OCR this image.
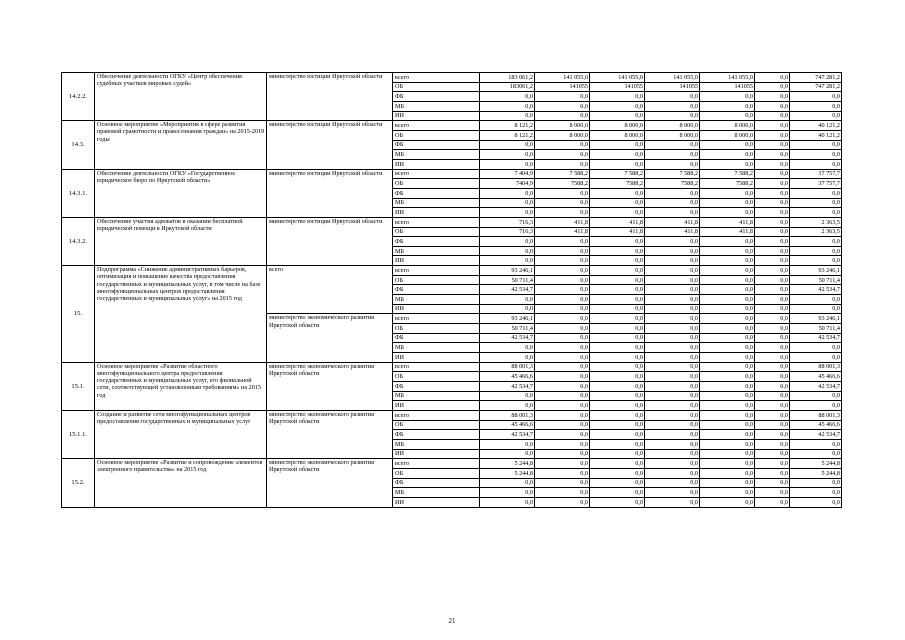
14.2.2.	Обеспечение деятельности ОГКУ «Центр обеспечения судебных участков мировых судей»	министерство юстиции Иркутской области	всего	183 061,2	141 055,0	141 055,0	141 055,0	141 055,0	0,0	747 281,2
			ОБ	183061,2	141055	141055	141055	141055	0,0	747 281,2
			ФБ	0,0	0,0	0,0	0,0	0,0	0,0	0,0
			МБ	0,0	0,0	0,0	0,0	0,0	0,0	0,0
			ИИ	0,0	0,0	0,0	0,0	0,0	0,0	0,0
14.3.	Основное мероприятие «Мероприятия в сфере развития правовой грамотности и правосознания граждан» на 2015-2019 годы	министерство юстиции Иркутской области	всего	8 121,2	8 000,0	8 000,0	8 000,0	8 000,0	0,0	40 121,2
			ОБ	8 121,2	8 000,0	8 000,0	8 000,0	8 000,0	0,0	40 121,2
			ФБ	0,0	0,0	0,0	0,0	0,0	0,0	0,0
			МБ	0,0	0,0	0,0	0,0	0,0	0,0	0,0
			ИИ	0,0	0,0	0,0	0,0	0,0	0,0	0,0
14.3.1.	Обеспечение деятельности ОГКУ «Государственное юридическое бюро по Иркутской области»	министерство юстиции Иркутской области	всего	7 404,9	7 588,2	7 588,2	7 588,2	7 588,2	0,0	37 757,7
			ОБ	7404,9	7588,2	7588,2	7588,2	7588,2	0,0	37 757,7
			ФБ	0,0	0,0	0,0	0,0	0,0	0,0	0,0
			МБ	0,0	0,0	0,0	0,0	0,0	0,0	0,0
			ИИ	0,0	0,0	0,0	0,0	0,0	0,0	0,0
14.3.2.	Обеспечение участия адвокатов в оказании бесплатной юридической помощи в Иркутской области	министерство юстиции Иркутской области	всего	716,3	411,8	411,8	411,8	411,8	0,0	2 363,5
			ОБ	716,3	411,8	411,8	411,8	411,8	0,0	2 363,5
			ФБ	0,0	0,0	0,0	0,0	0,0	0,0	0,0
			МБ	0,0	0,0	0,0	0,0	0,0	0,0	0,0
			ИИ	0,0	0,0	0,0	0,0	0,0	0,0	0,0
15.	Подпрограмма «Снижение административных барьеров, оптимизация и повышение качества предоставления государственных и муниципальных услуг, в том числе на базе многофункциональных центров предоставления государственных и муниципальных услуг» на 2015 год	всего	всего	93 246,1	0,0	0,0	0,0	0,0	0,0	93 246,1
			ОБ	50 711,4	0,0	0,0	0,0	0,0	0,0	50 711,4
			ФБ	42 534,7	0,0	0,0	0,0	0,0	0,0	42 534,7
			МБ	0,0	0,0	0,0	0,0	0,0	0,0	0,0
			ИИ	0,0	0,0	0,0	0,0	0,0	0,0	0,0
		министерство экономического развития Иркутской области	всего	93 246,1	0,0	0,0	0,0	0,0	0,0	93 246,1
			ОБ	50 711,4	0,0	0,0	0,0	0,0	0,0	50 711,4
			ФБ	42 534,7	0,0	0,0	0,0	0,0	0,0	42 534,7
			МБ	0,0	0,0	0,0	0,0	0,0	0,0	0,0
			ИИ	0,0	0,0	0,0	0,0	0,0	0,0	0,0
15.1.	Основное мероприятие «Развитие областного многофункционального центра предоставления государственных и муниципальных услуг, его филиальной сети, соответствующей установленным требованиям» на 2015 год	министерство экономического развития Иркутской области	всего	88 001,3	0,0	0,0	0,0	0,0	0,0	88 001,3
			ОБ	45 466,6	0,0	0,0	0,0	0,0	0,0	45 466,6
			ФБ	42 534,7	0,0	0,0	0,0	0,0	0,0	42 534,7
			МБ	0,0	0,0	0,0	0,0	0,0	0,0	0,0
			ИИ	0,0	0,0	0,0	0,0	0,0	0,0	0,0
15.1.1.	Создание и развитие сети многофункциональных центров предоставления государственных и муниципальных услуг	министерство экономического развития Иркутской области	всего	88 001,3	0,0	0,0	0,0	0,0	0,0	88 001,3
			ОБ	45 466,6	0,0	0,0	0,0	0,0	0,0	45 466,6
			ФБ	42 534,7	0,0	0,0	0,0	0,0	0,0	42 534,7
			МБ	0,0	0,0	0,0	0,0	0,0	0,0	0,0
			ИИ	0,0	0,0	0,0	0,0	0,0	0,0	0,0
15.2.	Основное мероприятие «Развитие и сопровождение элементов электронного правительства» на 2015 год	министерство экономического развития Иркутской области	всего	5 244,8	0,0	0,0	0,0	0,0	0,0	5 244,8
			ОБ	5 244,8	0,0	0,0	0,0	0,0	0,0	5 244,8
			ФБ	0,0	0,0	0,0	0,0	0,0	0,0	0,0
			МБ	0,0	0,0	0,0	0,0	0,0	0,0	0,0
			ИИ	0,0	0,0	0,0	0,0	0,0	0,0	0,0
21
